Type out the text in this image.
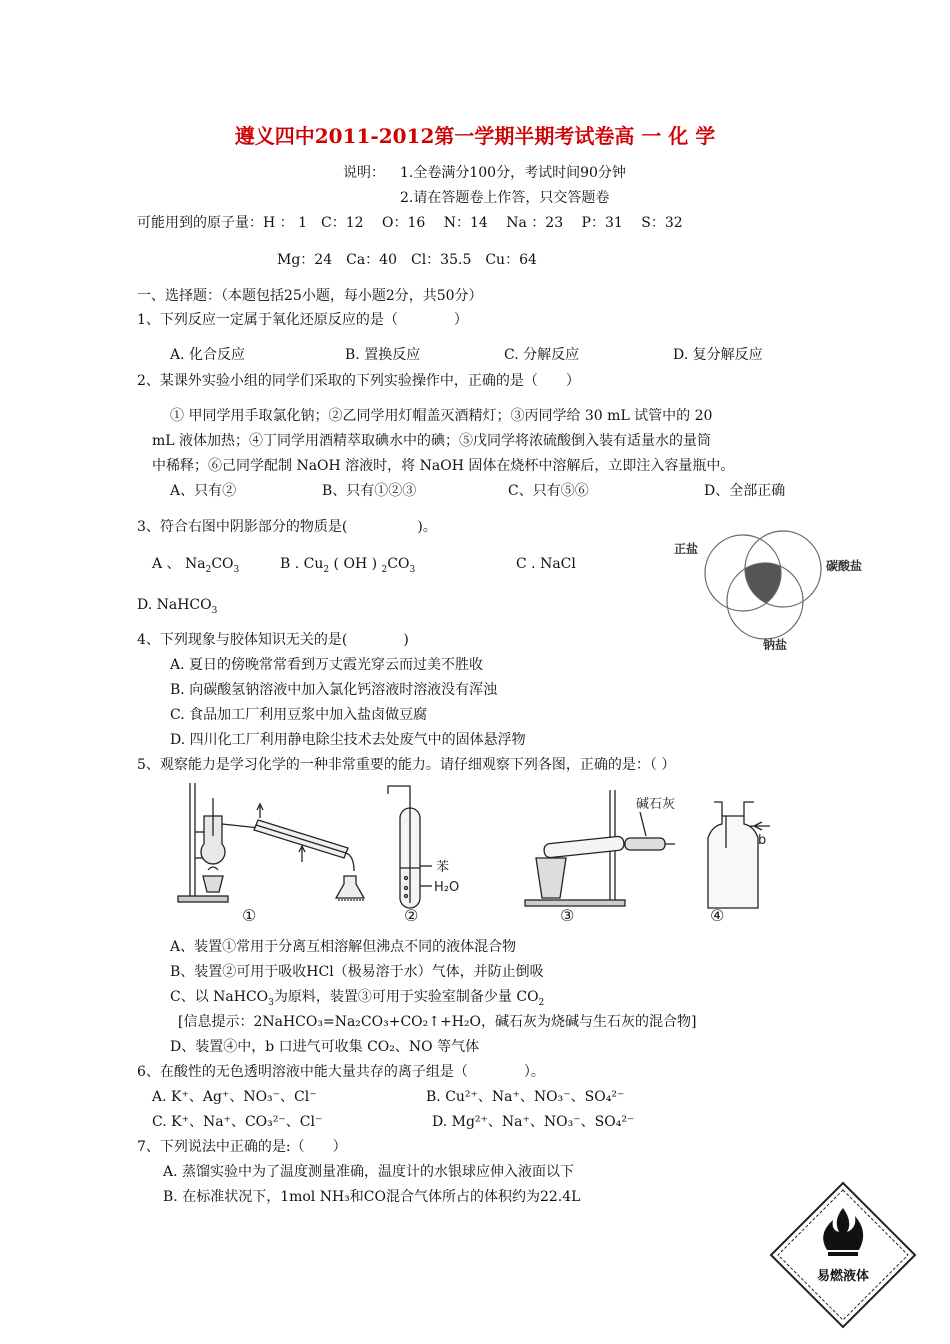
遵义四中2011-2012第一学期半期考试卷高 一 化 学
说明： 1.全卷满分100分，考试时间90分钟
2.请在答题卷上作答，只交答题卷
可能用到的原子量：H ： 1　C：12　 O：16　 N：14　 Na ：23　 P：31　 S：32
Mg：24　Ca：40　Cl：35.5　Cu：64
一、选择题：（本题包括25小题，每小题2分，共50分）
1、下列反应一定属于氧化还原反应的是（　　　　）
A. 化合反应	B. 置换反应	C. 分解反应	D. 复分解反应
2、某课外实验小组的同学们采取的下列实验操作中，正确的是（　　）
① 甲同学用手取氯化钠；②乙同学用灯帽盖灭酒精灯；③丙同学给 30 mL 试管中的 20
mL 液体加热；④丁同学用酒精萃取碘水中的碘；⑤戊同学将浓硫酸倒入装有适量水的量筒
中稀释；⑥己同学配制 NaOH 溶液时，将 NaOH 固体在烧杯中溶解后，立即注入容量瓶中。
A、只有②	B、只有①②③	C、只有⑤⑥	D、全部正确
3、符合右图中阴影部分的物质是(　　　　　)。
A 、 $Na_2CO_3$	B . $Cu_2$ ( OH ) $_2CO_3$	C . NaCl
D. NaHCO$_3$
正盐
碳酸盐
钠盐
4、下列现象与胶体知识无关的是(　　　　)
A. 夏日的傍晚常常看到万丈霞光穿云而过美不胜收
B. 向碳酸氢钠溶液中加入氯化钙溶液时溶液没有浑浊
C. 食品加工厂利用豆浆中加入盐卤做豆腐
D. 四川化工厂利用静电除尘技术去处废气中的固体悬浮物
5、观察能力是学习化学的一种非常重要的能力。请仔细观察下列各图，正确的是：（ ）
①	②	③	④
苯
H₂O
碱石灰
b
A、装置①常用于分离互相溶解但沸点不同的液体混合物
B、装置②可用于吸收HCl（极易溶于水）气体，并防止倒吸
C、以 NaHCO$_3$为原料，装置③可用于实验室制备少量 $CO_2$
[信息提示：2NaHCO₃=Na₂CO₃+CO₂↑+H₂O，碱石灰为烧碱与生石灰的混合物]
D、装置④中，b 口进气可收集 CO₂、NO 等气体
6、在酸性的无色透明溶液中能大量共存的离子组是（　　　　）。
A. K⁺、Ag⁺、NO₃⁻、Cl⁻	B. Cu²⁺、Na⁺、NO₃⁻、SO₄²⁻
C. K⁺、Na⁺、CO₃²⁻、Cl⁻	D. Mg²⁺、Na⁺、NO₃⁻、SO₄²⁻
7、下列说法中正确的是:（　　）
A. 蒸馏实验中为了温度测量准确，温度计的水银球应伸入液面以下
B. 在标准状况下，1mol NH₃和CO混合气体所占的体积约为22.4L
易燃液体
